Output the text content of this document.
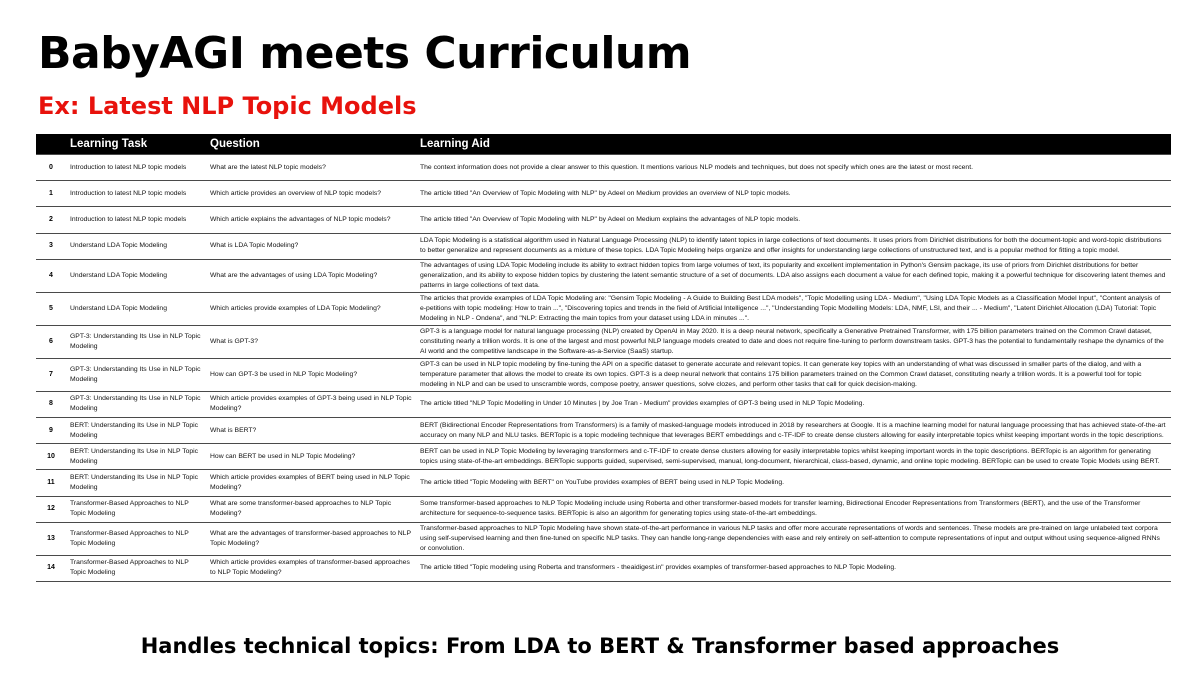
BabyAGI meets Curriculum
Ex: Latest NLP Topic Models
	Learning Task	Question	Learning Aid
0	Introduction to latest NLP topic models	What are the latest NLP topic models?	The context information does not provide a clear answer to this question. It mentions various NLP models and techniques, but does not specify which ones are the latest or most recent.
1	Introduction to latest NLP topic models	Which article provides an overview of NLP topic models?	The article titled "An Overview of Topic Modeling with NLP" by Adeel on Medium provides an overview of NLP topic models.
2	Introduction to latest NLP topic models	Which article explains the advantages of NLP topic models?	The article titled "An Overview of Topic Modeling with NLP" by Adeel on Medium explains the advantages of NLP topic models.
3	Understand LDA Topic Modeling	What is LDA Topic Modeling?	LDA Topic Modeling is a statistical algorithm used in Natural Language Processing (NLP) to identify latent topics in large collections of text documents. It uses priors from Dirichlet distributions for both the document-topic and word-topic distributions to better generalize and represent documents as a mixture of these topics. LDA Topic Modeling helps organize and offer insights for understanding large collections of unstructured text, and is a popular method for fitting a topic model.
4	Understand LDA Topic Modeling	What are the advantages of using LDA Topic Modeling?	The advantages of using LDA Topic Modeling include its ability to extract hidden topics from large volumes of text, its popularity and excellent implementation in Python's Gensim package, its use of priors from Dirichlet distributions for better generalization, and its ability to expose hidden topics by clustering the latent semantic structure of a set of documents. LDA also assigns each document a value for each defined topic, making it a powerful technique for discovering latent themes and patterns in large collections of text data.
5	Understand LDA Topic Modeling	Which articles provide examples of LDA Topic Modeling?	The articles that provide examples of LDA Topic Modeling are: "Gensim Topic Modeling - A Guide to Building Best LDA models", "Topic Modelling using LDA - Medium", "Using LDA Topic Models as a Classification Model Input", "Content analysis of e-petitions with topic modeling: How to train ...", "Discovering topics and trends in the field of Artificial Intelligence ...", "Understanding Topic Modelling Models: LDA, NMF, LSI, and their ... - Medium", "Latent Dirichlet Allocation (LDA) Tutorial: Topic Modeling in NLP - Ondena", and "NLP: Extracting the main topics from your dataset using LDA in minutes ...".
6	GPT-3: Understanding Its Use in NLP Topic Modeling	What is GPT-3?	GPT-3 is a language model for natural language processing (NLP) created by OpenAI in May 2020. It is a deep neural network, specifically a Generative Pretrained Transformer, with 175 billion parameters trained on the Common Crawl dataset, constituting nearly a trillion words. It is one of the largest and most powerful NLP language models created to date and does not require fine-tuning to perform downstream tasks. GPT-3 has the potential to fundamentally reshape the dynamics of the AI world and the competitive landscape in the Software-as-a-Service (SaaS) startup.
7	GPT-3: Understanding Its Use in NLP Topic Modeling	How can GPT-3 be used in NLP Topic Modeling?	GPT-3 can be used in NLP topic modeling by fine-tuning the API on a specific dataset to generate accurate and relevant topics. It can generate key topics with an understanding of what was discussed in smaller parts of the dialog, and with a temperature parameter that allows the model to create its own topics. GPT-3 is a deep neural network that contains 175 billion parameters trained on the Common Crawl dataset, constituting nearly a trillion words. It is a powerful tool for topic modeling in NLP and can be used to unscramble words, compose poetry, answer questions, solve clozes, and perform other tasks that call for quick decision-making.
8	GPT-3: Understanding Its Use in NLP Topic Modeling	Which article provides examples of GPT-3 being used in NLP Topic Modeling?	The article titled "NLP Topic Modelling in Under 10 Minutes | by Joe Tran - Medium" provides examples of GPT-3 being used in NLP Topic Modeling.
9	BERT: Understanding Its Use in NLP Topic Modeling	What is BERT?	BERT (Bidirectional Encoder Representations from Transformers) is a family of masked-language models introduced in 2018 by researchers at Google. It is a machine learning model for natural language processing that has achieved state-of-the-art accuracy on many NLP and NLU tasks. BERTopic is a topic modeling technique that leverages BERT embeddings and c-TF-IDF to create dense clusters allowing for easily interpretable topics whilst keeping important words in the topic descriptions.
10	BERT: Understanding Its Use in NLP Topic Modeling	How can BERT be used in NLP Topic Modeling?	BERT can be used in NLP Topic Modeling by leveraging transformers and c-TF-IDF to create dense clusters allowing for easily interpretable topics whilst keeping important words in the topic descriptions. BERTopic is an algorithm for generating topics using state-of-the-art embeddings. BERTopic supports guided, supervised, semi-supervised, manual, long-document, hierarchical, class-based, dynamic, and online topic modeling. BERTopic can be used to create Topic Models using BERT.
11	BERT: Understanding Its Use in NLP Topic Modeling	Which article provides examples of BERT being used in NLP Topic Modeling?	The article titled "Topic Modeling with BERT" on YouTube provides examples of BERT being used in NLP Topic Modeling.
12	Transformer-Based Approaches to NLP Topic Modeling	What are some transformer-based approaches to NLP Topic Modeling?	Some transformer-based approaches to NLP Topic Modeling include using Roberta and other transformer-based models for transfer learning, Bidirectional Encoder Representations from Transformers (BERT), and the use of the Transformer architecture for sequence-to-sequence tasks. BERTopic is also an algorithm for generating topics using state-of-the-art embeddings.
13	Transformer-Based Approaches to NLP Topic Modeling	What are the advantages of transformer-based approaches to NLP Topic Modeling?	Transformer-based approaches to NLP Topic Modeling have shown state-of-the-art performance in various NLP tasks and offer more accurate representations of words and sentences. These models are pre-trained on large unlabeled text corpora using self-supervised learning and then fine-tuned on specific NLP tasks. They can handle long-range dependencies with ease and rely entirely on self-attention to compute representations of input and output without using sequence-aligned RNNs or convolution.
14	Transformer-Based Approaches to NLP Topic Modeling	Which article provides examples of transformer-based approaches to NLP Topic Modeling?	The article titled "Topic modeling using Roberta and transformers - theaidigest.in" provides examples of transformer-based approaches to NLP Topic Modeling.
Handles technical topics: From LDA to BERT & Transformer based approaches
